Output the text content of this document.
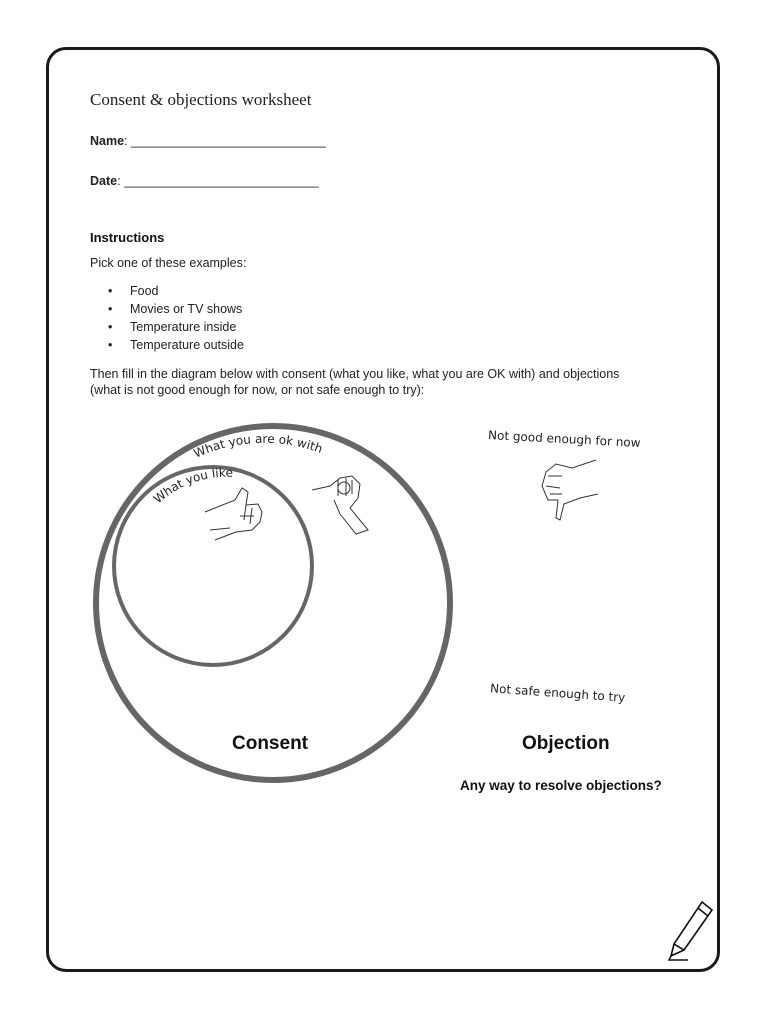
Consent & objections worksheet
Name: ____________________________
Date: ____________________________
Instructions
Pick one of these examples:
• Food
• Movies or TV shows
• Temperature inside
• Temperature outside
Then fill in the diagram below with consent (what you like, what you are OK with) and objections (what is not good enough for now, or not safe enough to try):
What you are ok with
What you like
Not good enough for now
Not safe enough to try
Consent	Objection
Any way to resolve objections?
